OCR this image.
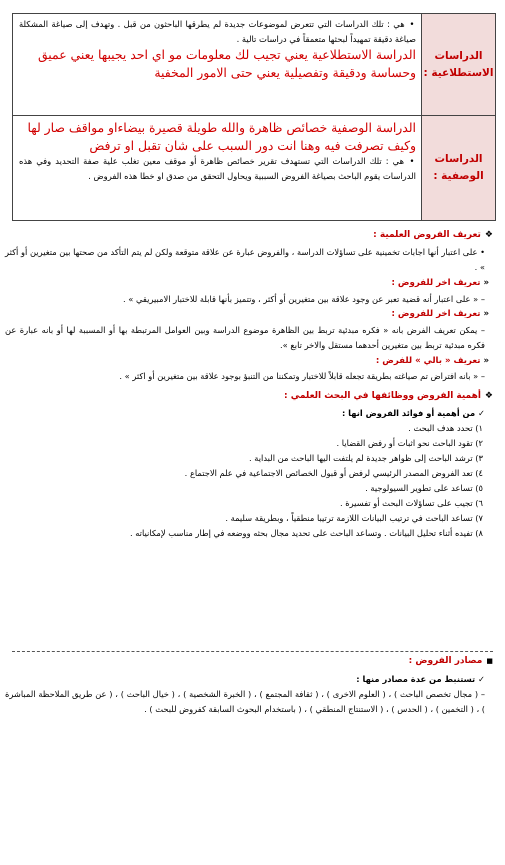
الدراسات الاستطلاعية :
• هي : تلك الدراسات التي تتعرض لموضوعات جديدة لم يطرقها الباحثون من قبل . وتهدف إلى صياغة المشكلة صياغة دقيقة تمهيداً لبحثها متعمقاً في دراسات تالية .
الدراسة الاستطلاعية يعني تجيب لك معلومات مو اي احد يجيبها يعني عميق وحساسة ودقيقة وتفصيلية يعني حتى الامور المخفية
الدراسات الوصفية :
الدراسة الوصفية خصائص ظاهرة والله طويلة قصيرة بيضاءاو مواقف صار لها وكيف تصرفت فيه وهنا انت دور السبب على شان تقبل او ترفض
• هي : تلك الدراسات التي تستهدف تقرير خصائص ظاهرة أو موقف معين تغلب علية صفة التحديد وفي هذه الدراسات يقوم الباحث بصياغة الفروض السببية ويحاول التحقق من صدق او خطا هذه الفروض .
❖تعريف الفروض العلمية :
• على اعتبار أنها اجابات تخمينية على تساؤلات الدراسة ، والفروض عبارة عن علاقة متوقعة ولكن لم يتم التأكد من صحتها بين متغيرين أو أكثر » .
«تعريف اخر للفروض :
– « على اعتبار أنه قضية تعبر عن وجود علاقة بين متغيرين أو أكثر ، وتتميز بأنها قابلة للاختبار الامبيريقي » .
«تعريف اخر للفروض :
– يمكن تعريف الفرض بانه « فكره مبدئية تربط بين الظاهرة موضوع الدراسة وبين العوامل المرتبطة بها أو المسببة لها أو بانه عبارة عن فكره مبدئية تربط بين متغيرين أحدهما مستقل والاخر تابع ».
«تعريف « بالي » للفرض :
– « بانه افتراض تم صياغته بطريقة تجعله قابلاً للاختبار وتمكننا من التنبؤ بوجود علاقة بين متغيرين أو اكثر » .
❖أهمية الفروض ووظائفها في البحث العلمي :
✓ من أهمية أو فوائد الفروض انها :
١) تحدد هدف البحث .
٢) تقود الباحث نحو اثبات أو رفض القضايا .
٣) ترشد الباحث إلى ظواهر جديدة لم يلتفت اليها الباحث من البداية .
٤) تعد الفروض المصدر الرئيسي لرفض أو قبول الخصائص الاجتماعية في علم الاجتماع .
٥) تساعد على تطوير السيولوجية .
٦) تجيب على تساؤلات البحث أو تفسيرة .
٧) تساعد الباحث في ترتيب البيانات اللازمة ترتيبا منطقياً ، وبطريقة سليمة .
٨) تفيده أثناء تحليل البيانات . وتساعد الباحث على تحديد مجال بحثه ووضعه في إطار مناسب لإمكانياته .
■مصادر الفروض :
✓ تستنبط من عدة مصادر منها :
– ( مجال تخصص الباحث ) ، ( العلوم الاخرى ) ، ( ثقافة المجتمع ) ، ( الخبرة الشخصية ) ، ( خيال الباحث ) ، ( عن طريق الملاحظة المباشرة ) ، ( التخمين ) ، ( الحدس ) ، ( الاستنتاج المنطقي ) ، ( باستخدام البحوث السابقة كفروض للبحث ) .
